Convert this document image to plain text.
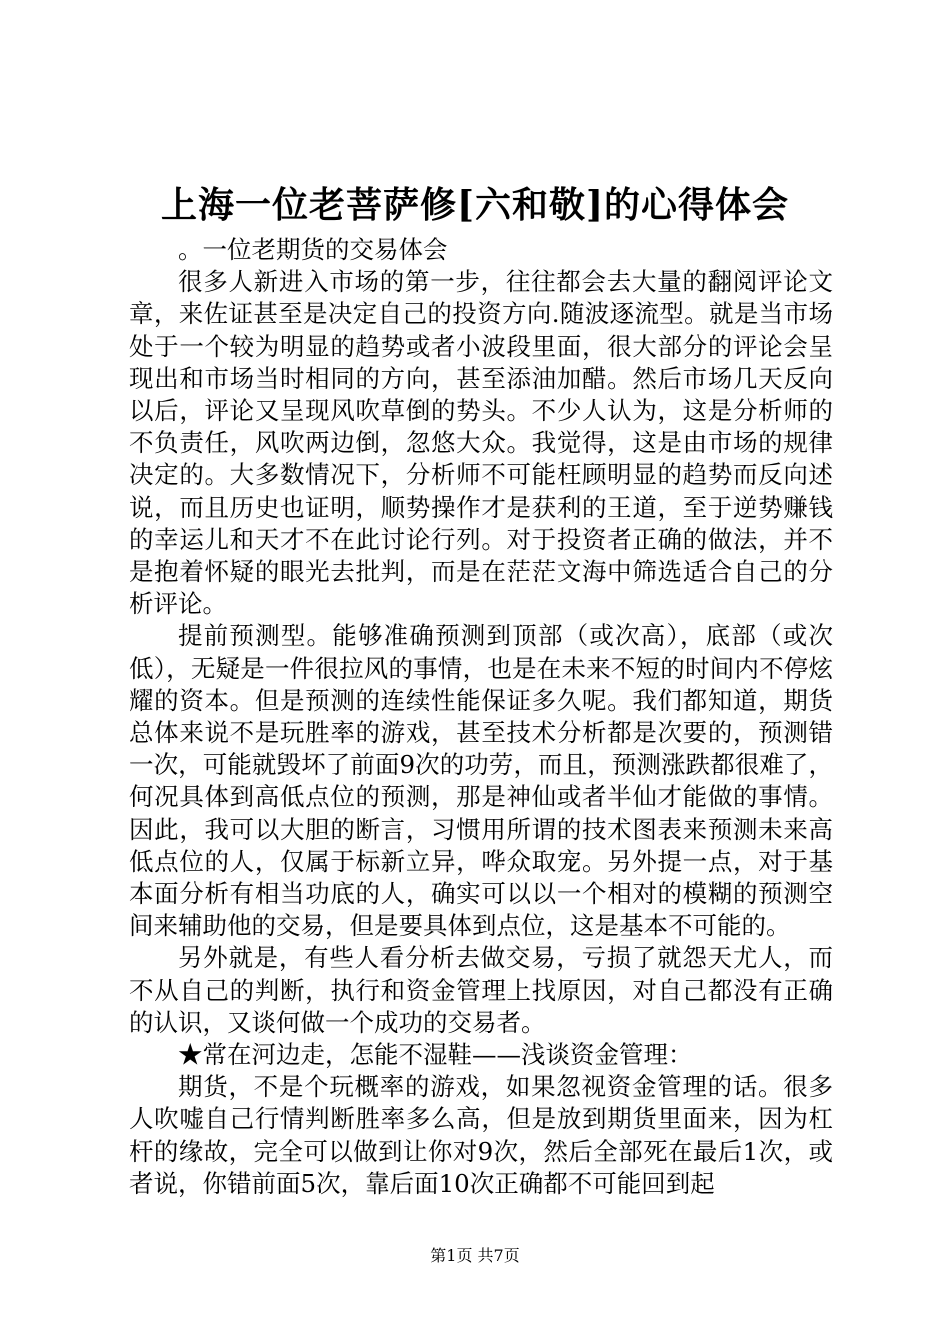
上海一位老菩萨修[六和敬]的心得体会

。一位老期货的交易体会

很多人新进入市场的第一步，往往都会去大量的翻阅评论文章，来佐证甚至是决定自己的投资方向.随波逐流型。就是当市场处于一个较为明显的趋势或者小波段里面，很大部分的评论会呈现出和市场当时相同的方向，甚至添油加醋。然后市场几天反向以后，评论又呈现风吹草倒的势头。不少人认为，这是分析师的不负责任，风吹两边倒，忽悠大众。我觉得，这是由市场的规律决定的。大多数情况下，分析师不可能枉顾明显的趋势而反向述说，而且历史也证明，顺势操作才是获利的王道，至于逆势赚钱的幸运儿和天才不在此讨论行列。对于投资者正确的做法，并不是抱着怀疑的眼光去批判，而是在茫茫文海中筛选适合自己的分析评论。

提前预测型。能够准确预测到顶部（或次高），底部（或次低），无疑是一件很拉风的事情，也是在未来不短的时间内不停炫耀的资本。但是预测的连续性能保证多久呢。我们都知道，期货总体来说不是玩胜率的游戏，甚至技术分析都是次要的，预测错一次，可能就毁坏了前面9次的功劳，而且，预测涨跌都很难了，何况具体到高低点位的预测，那是神仙或者半仙才能做的事情。因此，我可以大胆的断言，习惯用所谓的技术图表来预测未来高低点位的人，仅属于标新立异，哗众取宠。另外提一点，对于基本面分析有相当功底的人，确实可以以一个相对的模糊的预测空间来辅助他的交易，但是要具体到点位，这是基本不可能的。

另外就是，有些人看分析去做交易，亏损了就怨天尤人，而不从自己的判断，执行和资金管理上找原因，对自己都没有正确的认识，又谈何做一个成功的交易者。

★常在河边走，怎能不湿鞋——浅谈资金管理：

期货，不是个玩概率的游戏，如果忽视资金管理的话。很多人吹嘘自己行情判断胜率多么高，但是放到期货里面来，因为杠杆的缘故，完全可以做到让你对9次，然后全部死在最后1次，或者说，你错前面5次，靠后面10次正确都不可能回到起

第1页 共7页
